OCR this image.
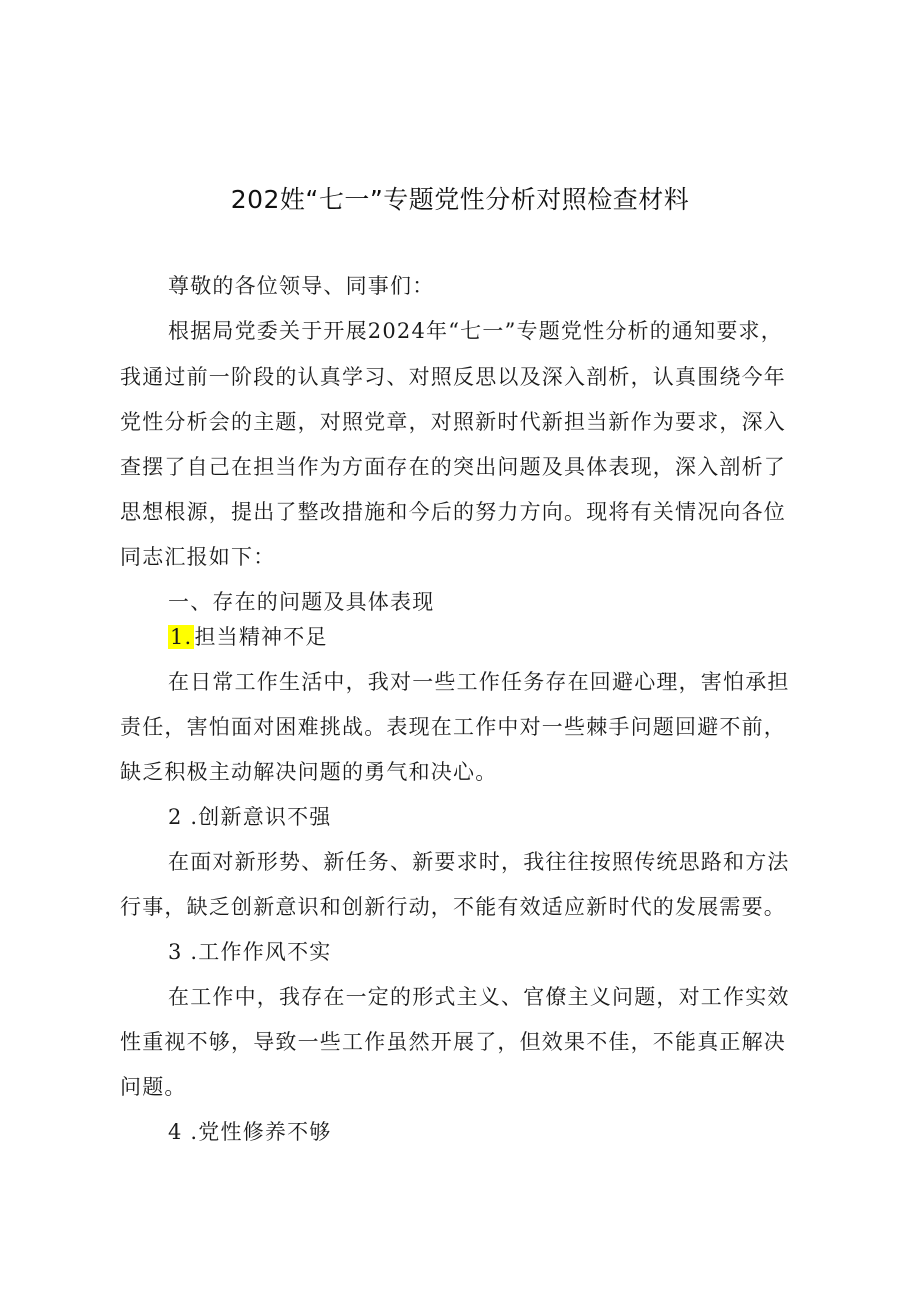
202姓“七一”专题党性分析对照检查材料

尊敬的各位领导、同事们：

根据局党委关于开展2024年“七一”专题党性分析的通知要求，

我通过前一阶段的认真学习、对照反思以及深入剖析，认真围绕今年

党性分析会的主题，对照党章，对照新时代新担当新作为要求，深入

查摆了自己在担当作为方面存在的突出问题及具体表现，深入剖析了

思想根源，提出了整改措施和今后的努力方向。现将有关情况向各位

同志汇报如下：

一、存在的问题及具体表现

1.担当精神不足

在日常工作生活中，我对一些工作任务存在回避心理，害怕承担

责任，害怕面对困难挑战。表现在工作中对一些棘手问题回避不前，

缺乏积极主动解决问题的勇气和决心。

2 .创新意识不强

在面对新形势、新任务、新要求时，我往往按照传统思路和方法

行事，缺乏创新意识和创新行动，不能有效适应新时代的发展需要。

3 .工作作风不实

在工作中，我存在一定的形式主义、官僚主义问题，对工作实效

性重视不够，导致一些工作虽然开展了，但效果不佳，不能真正解决

问题。

4 .党性修养不够
